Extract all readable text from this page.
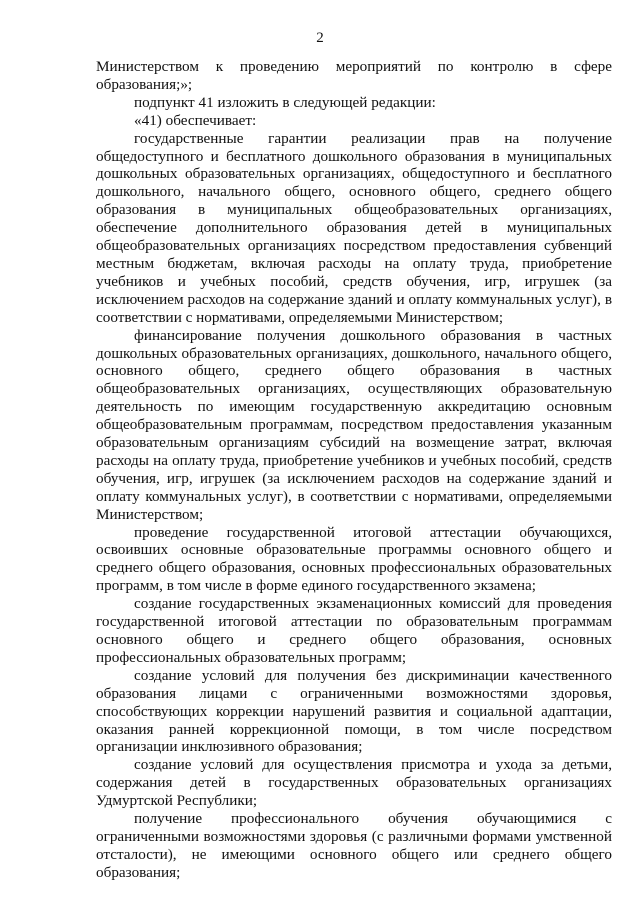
2

Министерством к проведению мероприятий по контролю в сфере образования;»;

подпункт 41 изложить в следующей редакции:

«41) обеспечивает:

государственные гарантии реализации прав на получение общедоступного и бесплатного дошкольного образования в муниципальных дошкольных образовательных организациях, общедоступного и бесплатного дошкольного, начального общего, основного общего, среднего общего образования в муниципальных общеобразовательных организациях, обеспечение дополнительного образования детей в муниципальных общеобразовательных организациях посредством предоставления субвенций местным бюджетам, включая расходы на оплату труда, приобретение учебников и учебных пособий, средств обучения, игр, игрушек (за исключением расходов на содержание зданий и оплату коммунальных услуг), в соответствии с нормативами, определяемыми Министерством;

финансирование получения дошкольного образования в частных дошкольных образовательных организациях, дошкольного, начального общего, основного общего, среднего общего образования в частных общеобразовательных организациях, осуществляющих образовательную деятельность по имеющим государственную аккредитацию основным общеобразовательным программам, посредством предоставления указанным образовательным организациям субсидий на возмещение затрат, включая расходы на оплату труда, приобретение учебников и учебных пособий, средств обучения, игр, игрушек (за исключением расходов на содержание зданий и оплату коммунальных услуг), в соответствии с нормативами, определяемыми Министерством;

проведение государственной итоговой аттестации обучающихся, освоивших основные образовательные программы основного общего и среднего общего образования, основных профессиональных образовательных программ, в том числе в форме единого государственного экзамена;

создание государственных экзаменационных комиссий для проведения государственной итоговой аттестации по образовательным программам основного общего и среднего общего образования, основных профессиональных образовательных программ;

создание условий для получения без дискриминации качественного образования лицами с ограниченными возможностями здоровья, способствующих коррекции нарушений развития и социальной адаптации, оказания ранней коррекционной помощи, в том числе посредством организации инклюзивного образования;

создание условий для осуществления присмотра и ухода за детьми, содержания детей в государственных образовательных организациях Удмуртской Республики;

получение профессионального обучения обучающимися с ограниченными возможностями здоровья (с различными формами умственной отсталости), не имеющими основного общего или среднего общего образования;
